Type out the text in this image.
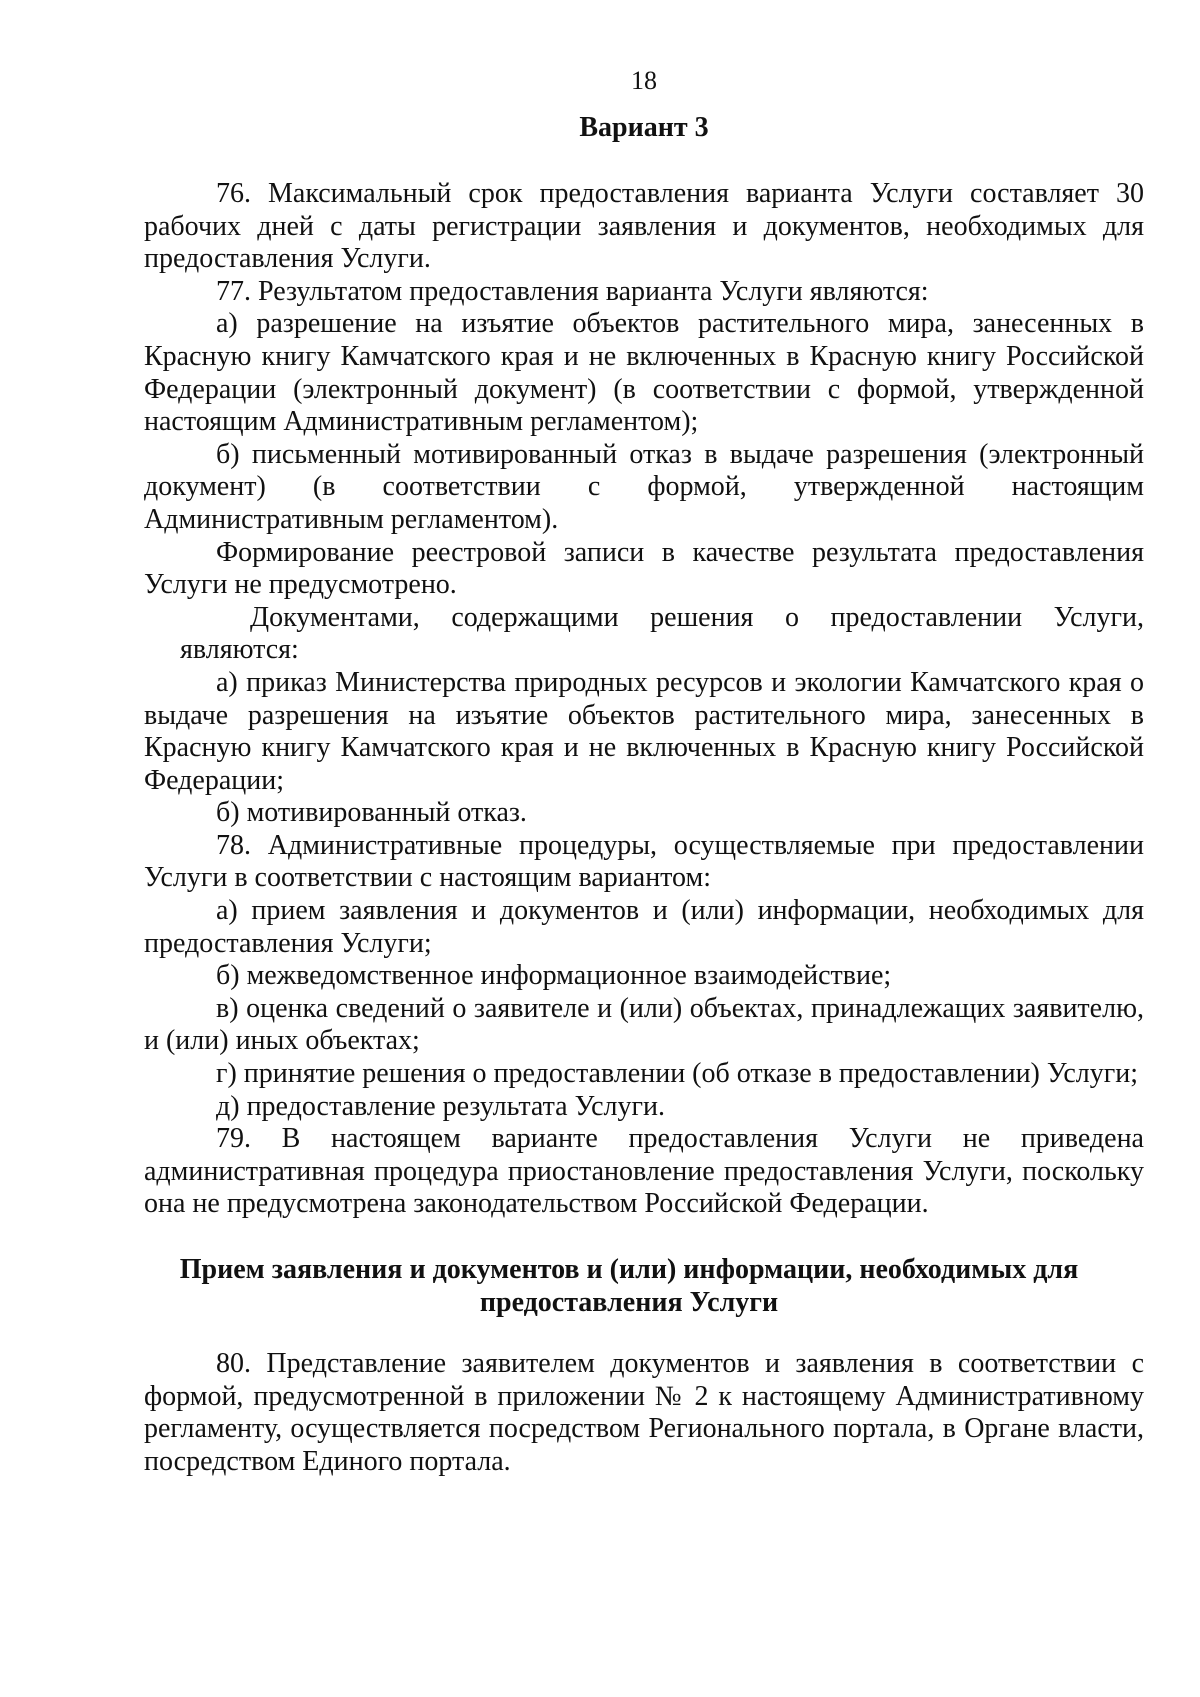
18
Вариант 3

76. Максимальный срок предоставления варианта Услуги составляет 30 рабочих дней с даты регистрации заявления и документов, необходимых для предоставления Услуги.

77. Результатом предоставления варианта Услуги являются:

а) разрешение на изъятие объектов растительного мира, занесенных в Красную книгу Камчатского края и не включенных в Красную книгу Российской Федерации (электронный документ) (в соответствии с формой, утвержденной настоящим Административным регламентом);

б) письменный мотивированный отказ в выдаче разрешения (электронный документ) (в соответствии с формой, утвержденной настоящим Административным регламентом).

Формирование реестровой записи в качестве результата предоставления Услуги не предусмотрено.

Документами, содержащими решения о предоставлении Услуги, являются:

а) приказ Министерства природных ресурсов и экологии Камчатского края о выдаче разрешения на изъятие объектов растительного мира, занесенных в Красную книгу Камчатского края и не включенных в Красную книгу Российской Федерации;

б) мотивированный отказ.

78. Административные процедуры, осуществляемые при предоставлении Услуги в соответствии с настоящим вариантом:

а) прием заявления и документов и (или) информации, необходимых для предоставления Услуги;

б) межведомственное информационное взаимодействие;

в) оценка сведений о заявителе и (или) объектах, принадлежащих заявителю, и (или) иных объектах;

г) принятие решения о предоставлении (об отказе в предоставлении) Услуги;

д) предоставление результата Услуги.

79. В настоящем варианте предоставления Услуги не приведена административная процедура приостановление предоставления Услуги, поскольку она не предусмотрена законодательством Российской Федерации.

Прием заявления и документов и (или) информации, необходимых для предоставления Услуги

80. Представление заявителем документов и заявления в соответствии с формой, предусмотренной в приложении № 2 к настоящему Административному регламенту, осуществляется посредством Регионального портала, в Органе власти, посредством Единого портала.
